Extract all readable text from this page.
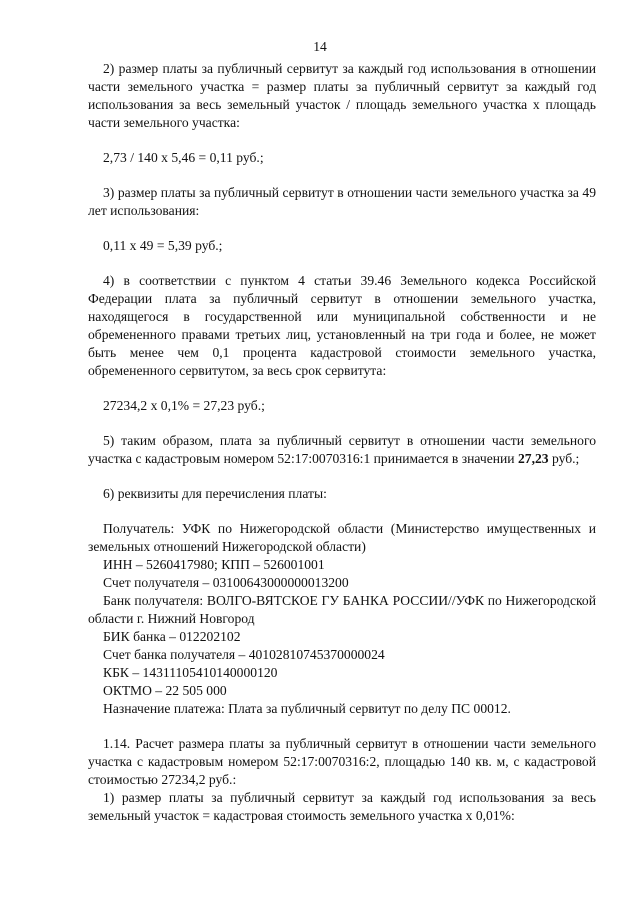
14

2) размер платы за публичный сервитут за каждый год использования в отношении части земельного участка = размер платы за публичный сервитут за каждый год использования за весь земельный участок / площадь земельного участка х площадь части земельного участка:

2,73 / 140 х 5,46 = 0,11 руб.;

3) размер платы за публичный сервитут в отношении части земельного участка за 49 лет использования:

0,11 х 49 = 5,39 руб.;

4) в соответствии с пунктом 4 статьи 39.46 Земельного кодекса Российской Федерации плата за публичный сервитут в отношении земельного участка, находящегося в государственной или муниципальной собственности и не обремененного правами третьих лиц, установленный на три года и более, не может быть менее чем 0,1 процента кадастровой стоимости земельного участка, обремененного сервитутом, за весь срок сервитута:

27234,2 х 0,1% = 27,23 руб.;

5) таким образом, плата за публичный сервитут в отношении части земельного участка с кадастровым номером 52:17:0070316:1 принимается в значении 27,23 руб.;

6) реквизиты для перечисления платы:

Получатель: УФК по Нижегородской области (Министерство имущественных и земельных отношений Нижегородской области)

ИНН – 5260417980; КПП – 526001001

Счет получателя – 03100643000000013200

Банк получателя: ВОЛГО-ВЯТСКОЕ ГУ БАНКА РОССИИ//УФК по Нижегородской области г. Нижний Новгород

БИК банка – 012202102

Счет банка получателя – 40102810745370000024

КБК – 14311105410140000120

ОКТМО – 22 505 000

Назначение платежа: Плата за публичный сервитут по делу ПС 00012.

1.14. Расчет размера платы за публичный сервитут в отношении части земельного участка с кадастровым номером 52:17:0070316:2, площадью 140 кв. м, с кадастровой стоимостью 27234,2 руб.:

1) размер платы за публичный сервитут за каждый год использования за весь земельный участок = кадастровая стоимость земельного участка х 0,01%:
